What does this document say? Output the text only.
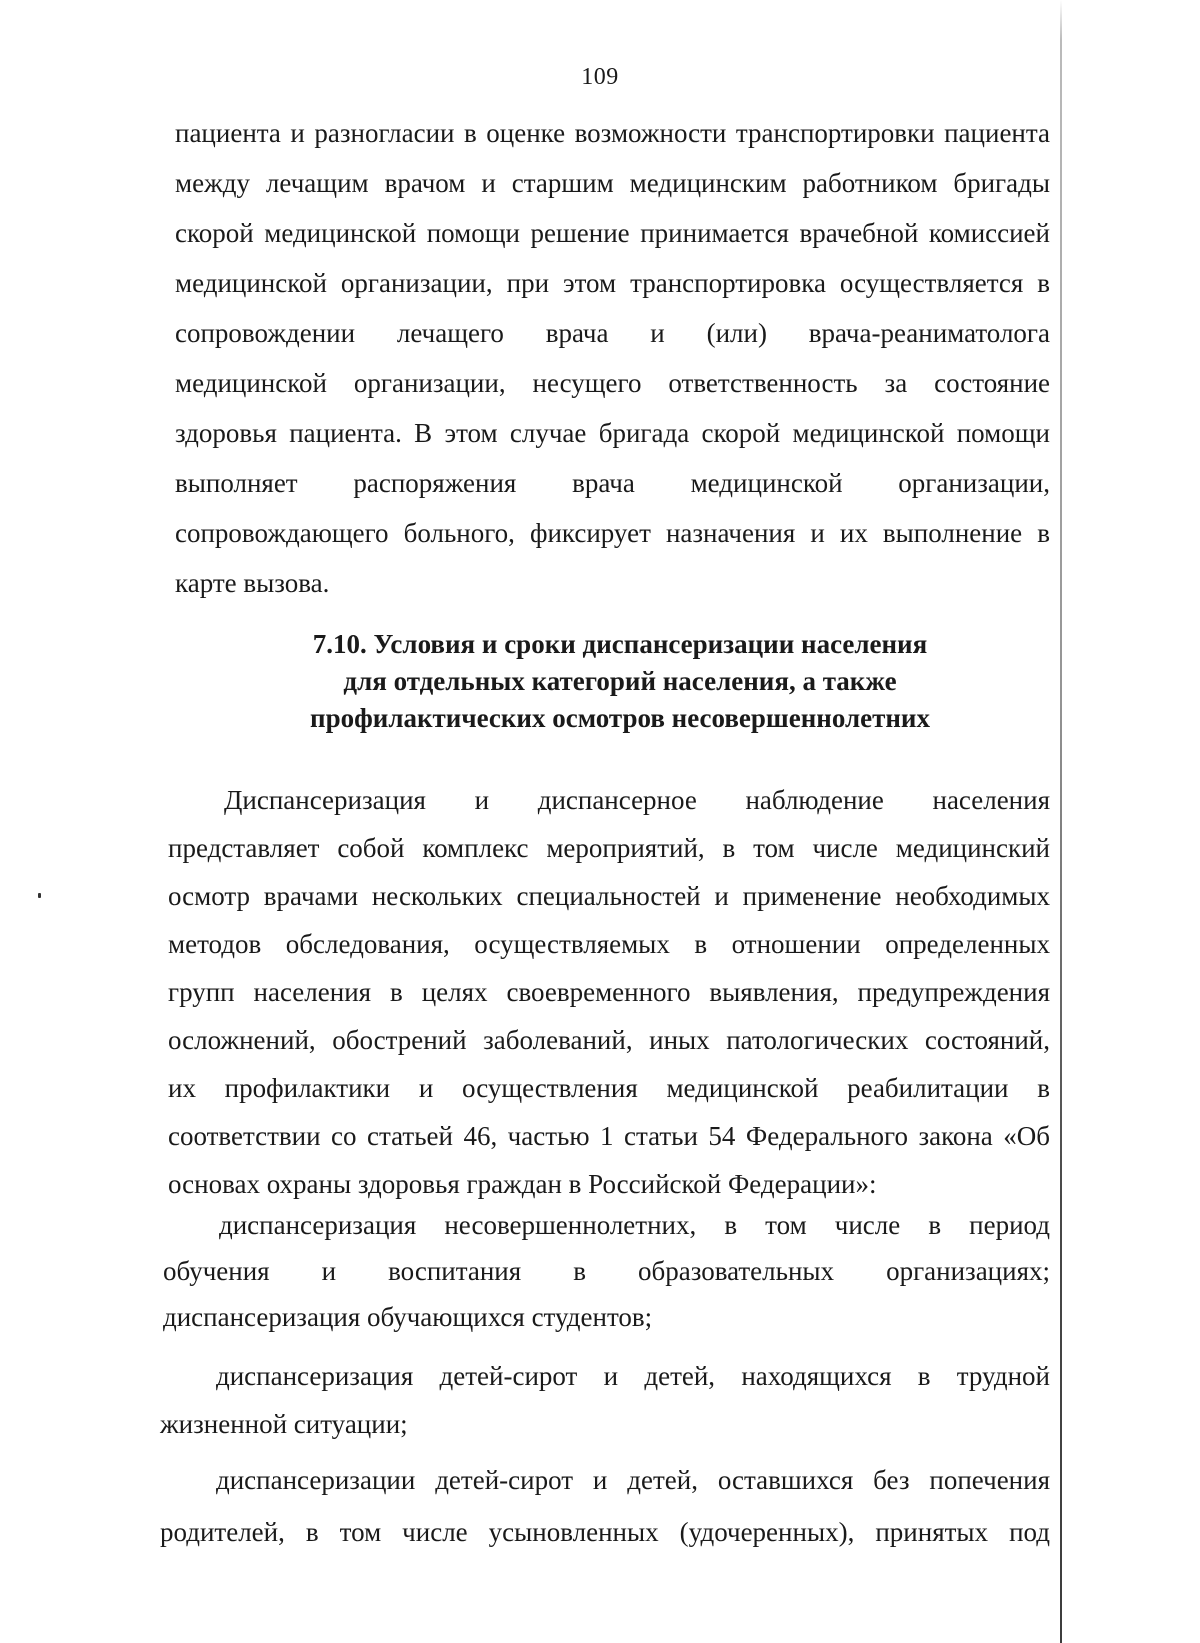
109
пациента и разногласии в оценке возможности транспортировки пациента
между лечащим врачом и старшим медицинским работником бригады
скорой медицинской помощи решение принимается врачебной комиссией
медицинской организации, при этом транспортировка осуществляется в
сопровождении лечащего врача и (или) врача-реаниматолога
медицинской организации, несущего ответственность за состояние
здоровья пациента. В этом случае бригада скорой медицинской помощи
выполняет распоряжения врача медицинской организации,
сопровождающего больного, фиксирует назначения и их выполнение в
карте вызова.
7.10. Условия и сроки диспансеризации населения
для отдельных категорий населения, а также
профилактических осмотров несовершеннолетних
Диспансеризация и диспансерное наблюдение населения
представляет собой комплекс мероприятий, в том числе медицинский
осмотр врачами нескольких специальностей и применение необходимых
методов обследования, осуществляемых в отношении определенных
групп населения в целях своевременного выявления, предупреждения
осложнений, обострений заболеваний, иных патологических состояний,
их профилактики и осуществления медицинской реабилитации в
соответствии со статьей 46, частью 1 статьи 54 Федерального закона «Об
основах охраны здоровья граждан в Российской Федерации»:
диспансеризация несовершеннолетних, в том числе в период
обучения и воспитания в образовательных организациях;
диспансеризация обучающихся студентов;
диспансеризация детей-сирот и детей, находящихся в трудной
жизненной ситуации;
диспансеризации детей-сирот и детей, оставшихся без попечения
родителей, в том числе усыновленных (удочеренных), принятых под
